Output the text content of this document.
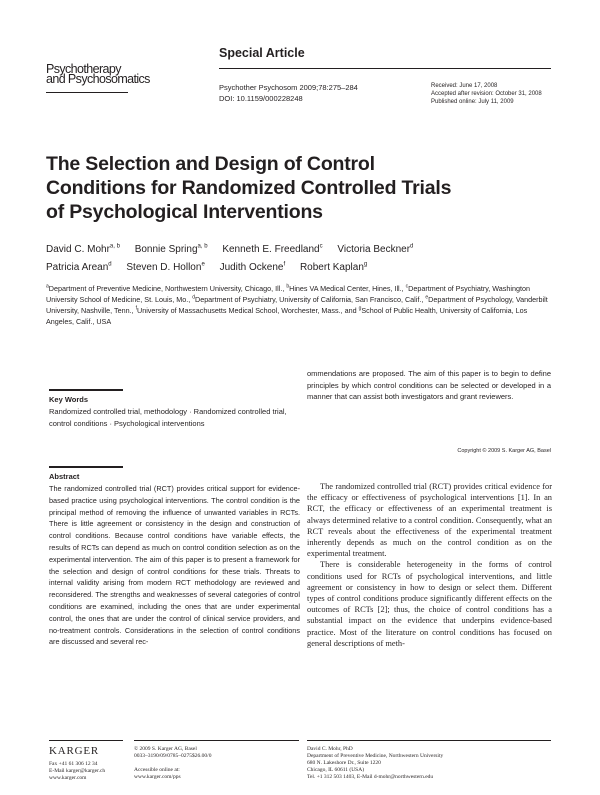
Psychotherapy
and Psychosomatics
Special Article
Psychother Psychosom 2009;78:275–284
DOI: 10.1159/000228248
Received: June 17, 2008
Accepted after revision: October 31, 2008
Published online: July 11, 2009
The Selection and Design of Control Conditions for Randomized Controlled Trials of Psychological Interventions
David C. Mohr$^{a, b}$ Bonnie Spring$^{a, b}$ Kenneth E. Freedland$^c$ Victoria Beckner$^d$
Patricia Arean$^d$ Steven D. Hollon$^e$ Judith Ockene$^f$ Robert Kaplan$^g$
$^a$Department of Preventive Medicine, Northwestern University, Chicago, Ill., $^b$Hines VA Medical Center, Hines, Ill., $^c$Department of Psychiatry, Washington University School of Medicine, St. Louis, Mo., $^d$Department of Psychiatry, University of California, San Francisco, Calif., $^e$Department of Psychology, Vanderbilt University, Nashville, Tenn., $^f$University of Massachusetts Medical School, Worchester, Mass., and $^g$School of Public Health, University of California, Los Angeles, Calif., USA
Key Words
Randomized controlled trial, methodology · Randomized controlled trial, control conditions · Psychological interventions
Abstract
The randomized controlled trial (RCT) provides critical support for evidence-based practice using psychological interventions. The control condition is the principal method of removing the influence of unwanted variables in RCTs. There is little agreement or consistency in the design and construction of control conditions. Because control conditions have variable effects, the results of RCTs can depend as much on control condition selection as on the experimental intervention. The aim of this paper is to present a framework for the selection and design of control conditions for these trials. Threats to internal validity arising from modern RCT methodology are reviewed and reconsidered. The strengths and weaknesses of several categories of control conditions are examined, including the ones that are under experimental control, the ones that are under the control of clinical service providers, and no-treatment controls. Considerations in the selection of control conditions are discussed and several rec-
ommendations are proposed. The aim of this paper is to begin to define principles by which control conditions can be selected or developed in a manner that can assist both investigators and grant reviewers.
Copyright © 2009 S. Karger AG, Basel

The randomized controlled trial (RCT) provides critical evidence for the efficacy or effectiveness of psychological interventions [1]. In an RCT, the efficacy or effectiveness of an experimental treatment is always determined relative to a control condition. Consequently, what an RCT reveals about the effectiveness of the experimental treatment inherently depends as much on the control condition as on the experimental treatment.

There is considerable heterogeneity in the forms of control conditions used for RCTs of psychological interventions, and little agreement or consistency in how to design or select them. Different types of control conditions produce significantly different effects on the outcomes of RCTs [2]; thus, the choice of control conditions has a substantial impact on the evidence that underpins evidence-based practice. Most of the literature on control conditions has focused on general descriptions of meth-

KARGER
Fax +41 61 306 12 34
E-Mail karger@karger.ch
www.karger.com
© 2009 S. Karger AG, Basel
0033–3190/09/0785–0275$26.00/0
Accessible online at:
www.karger.com/pps
David C. Mohr, PhD
Department of Preventive Medicine, Northwestern University
680 N. Lakeshore Dr., Suite 1220
Chicago, IL 60611 (USA)
Tel. +1 312 503 1403, E-Mail d-mohr@northwestern.edu
